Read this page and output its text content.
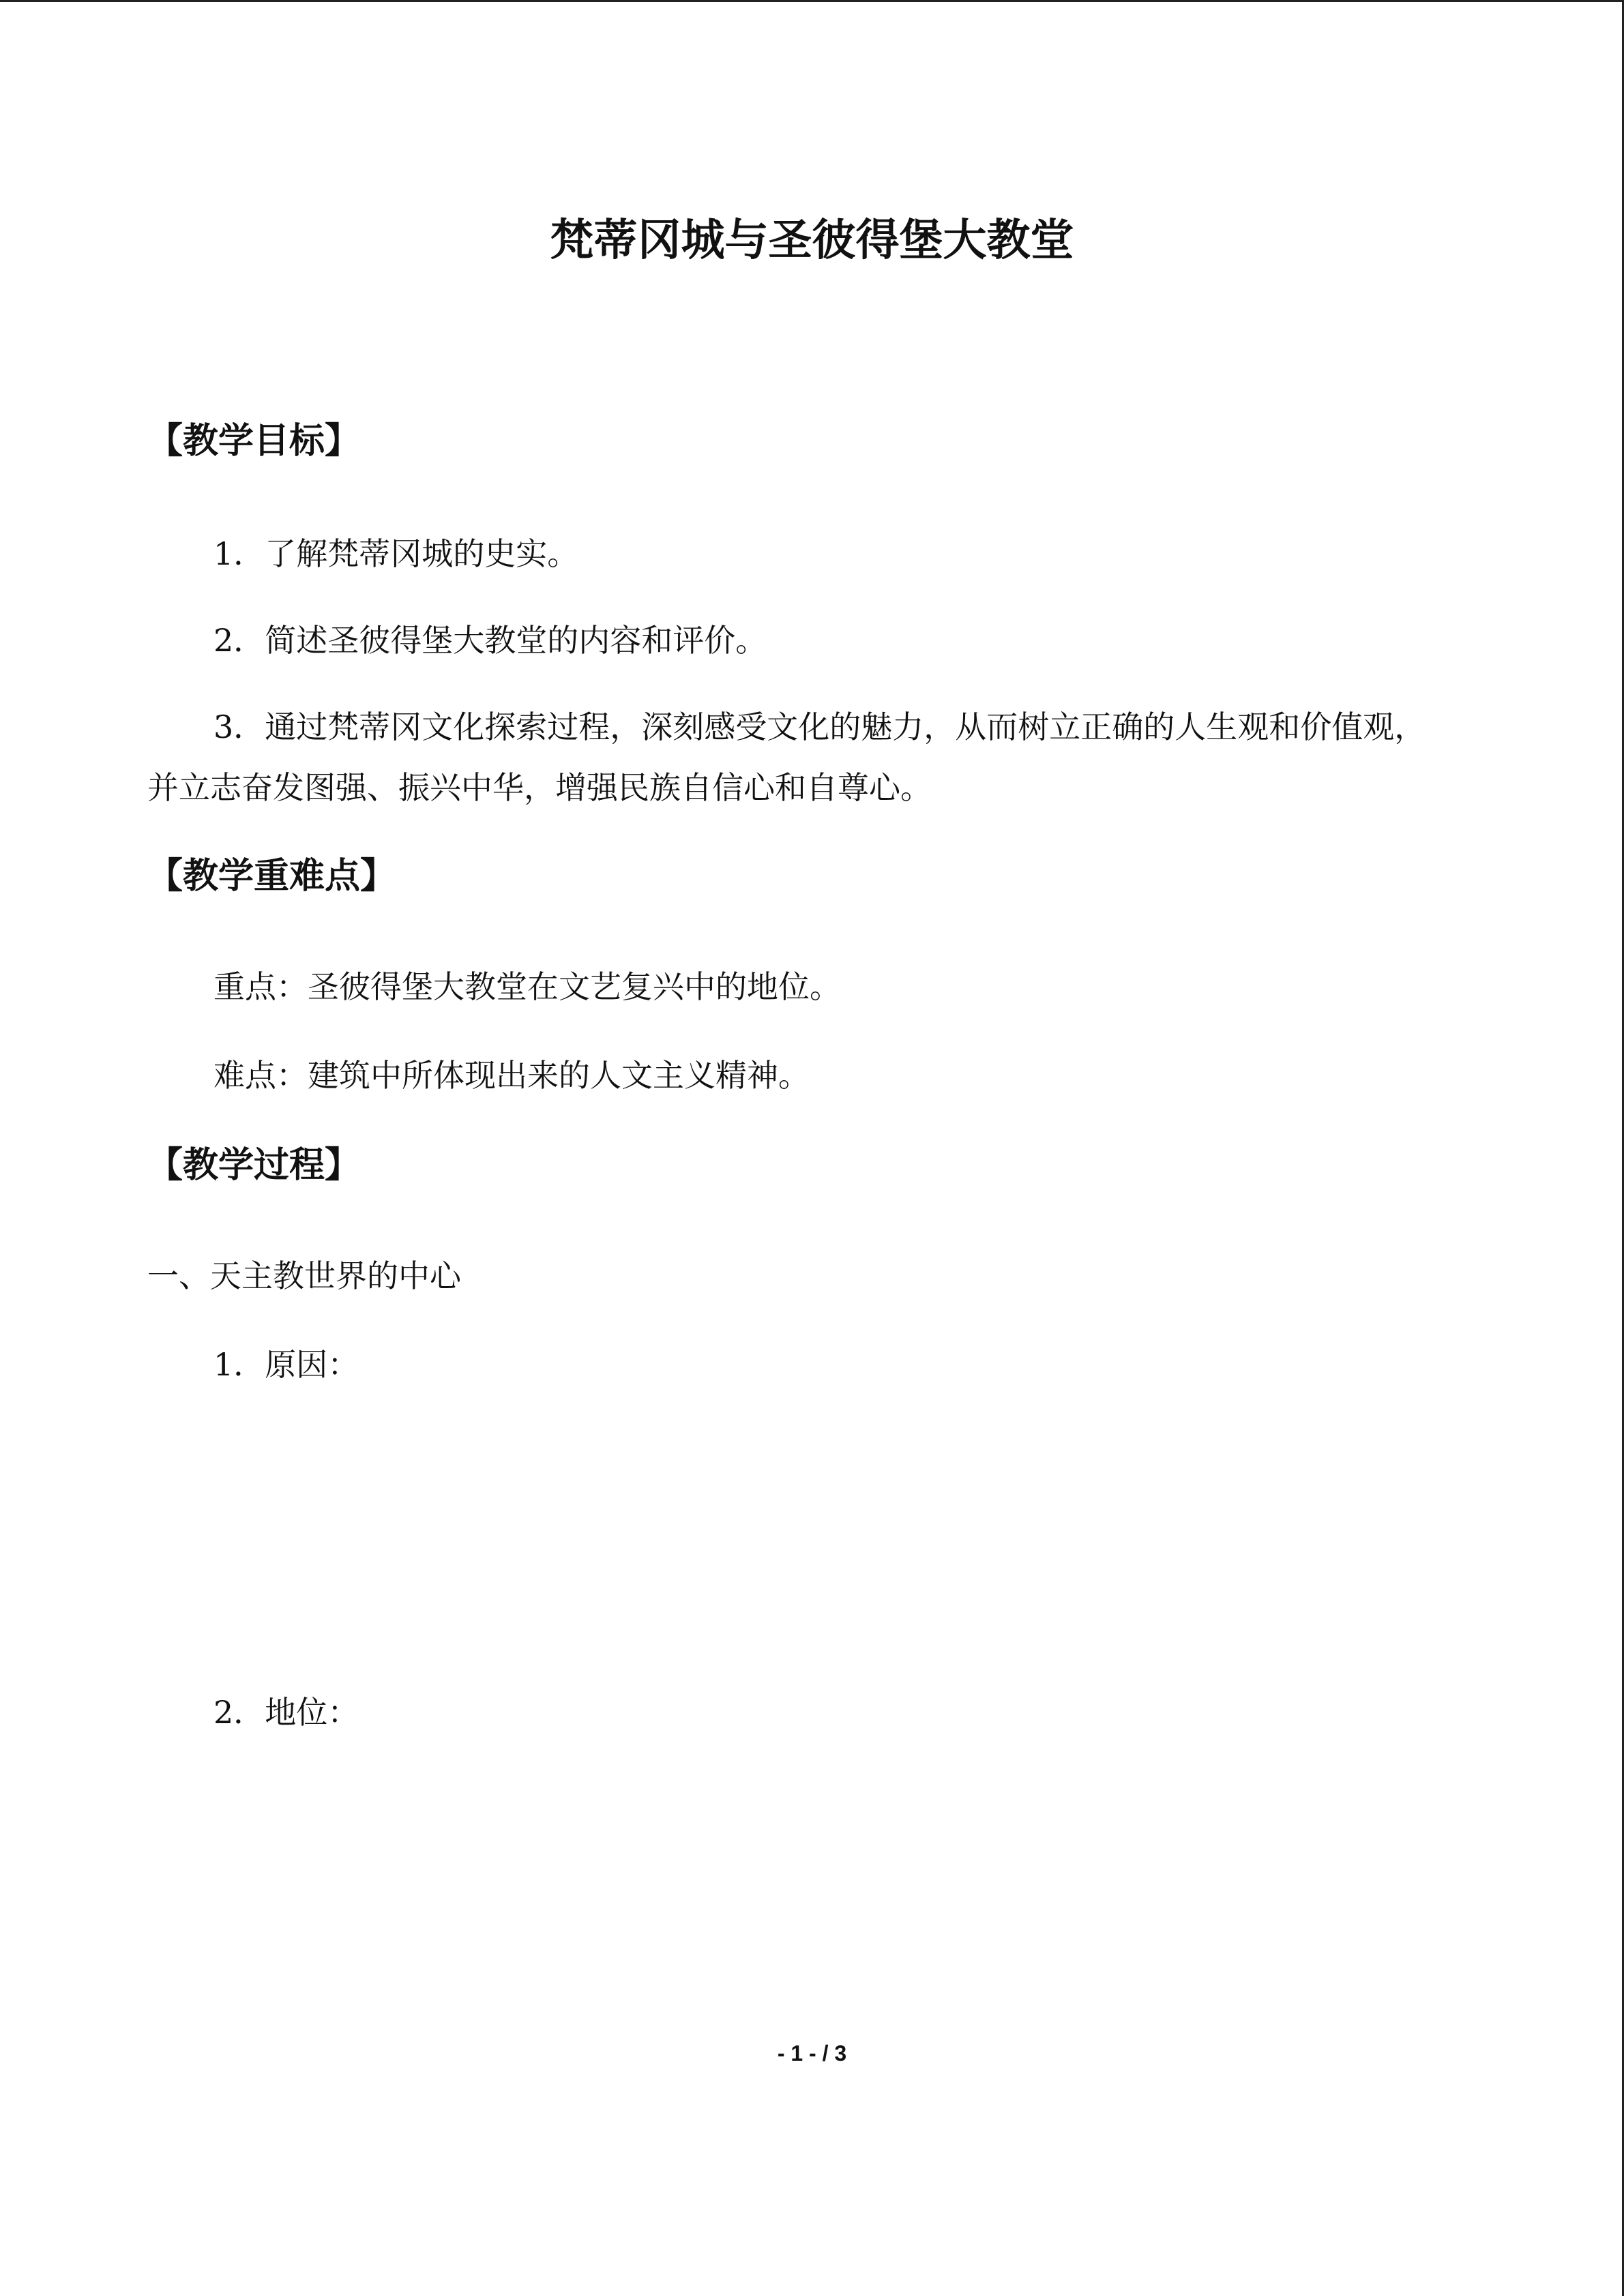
梵蒂冈城与圣彼得堡大教堂
【教学目标】
1．了解梵蒂冈城的史实。
2．简述圣彼得堡大教堂的内容和评价。
3．通过梵蒂冈文化探索过程，深刻感受文化的魅力，从而树立正确的人生观和价值观，
并立志奋发图强、振兴中华，增强民族自信心和自尊心。
【教学重难点】
重点：圣彼得堡大教堂在文艺复兴中的地位。
难点：建筑中所体现出来的人文主义精神。
【教学过程】
一、天主教世界的中心
1．原因：
2．地位：
- 1 - / 3
